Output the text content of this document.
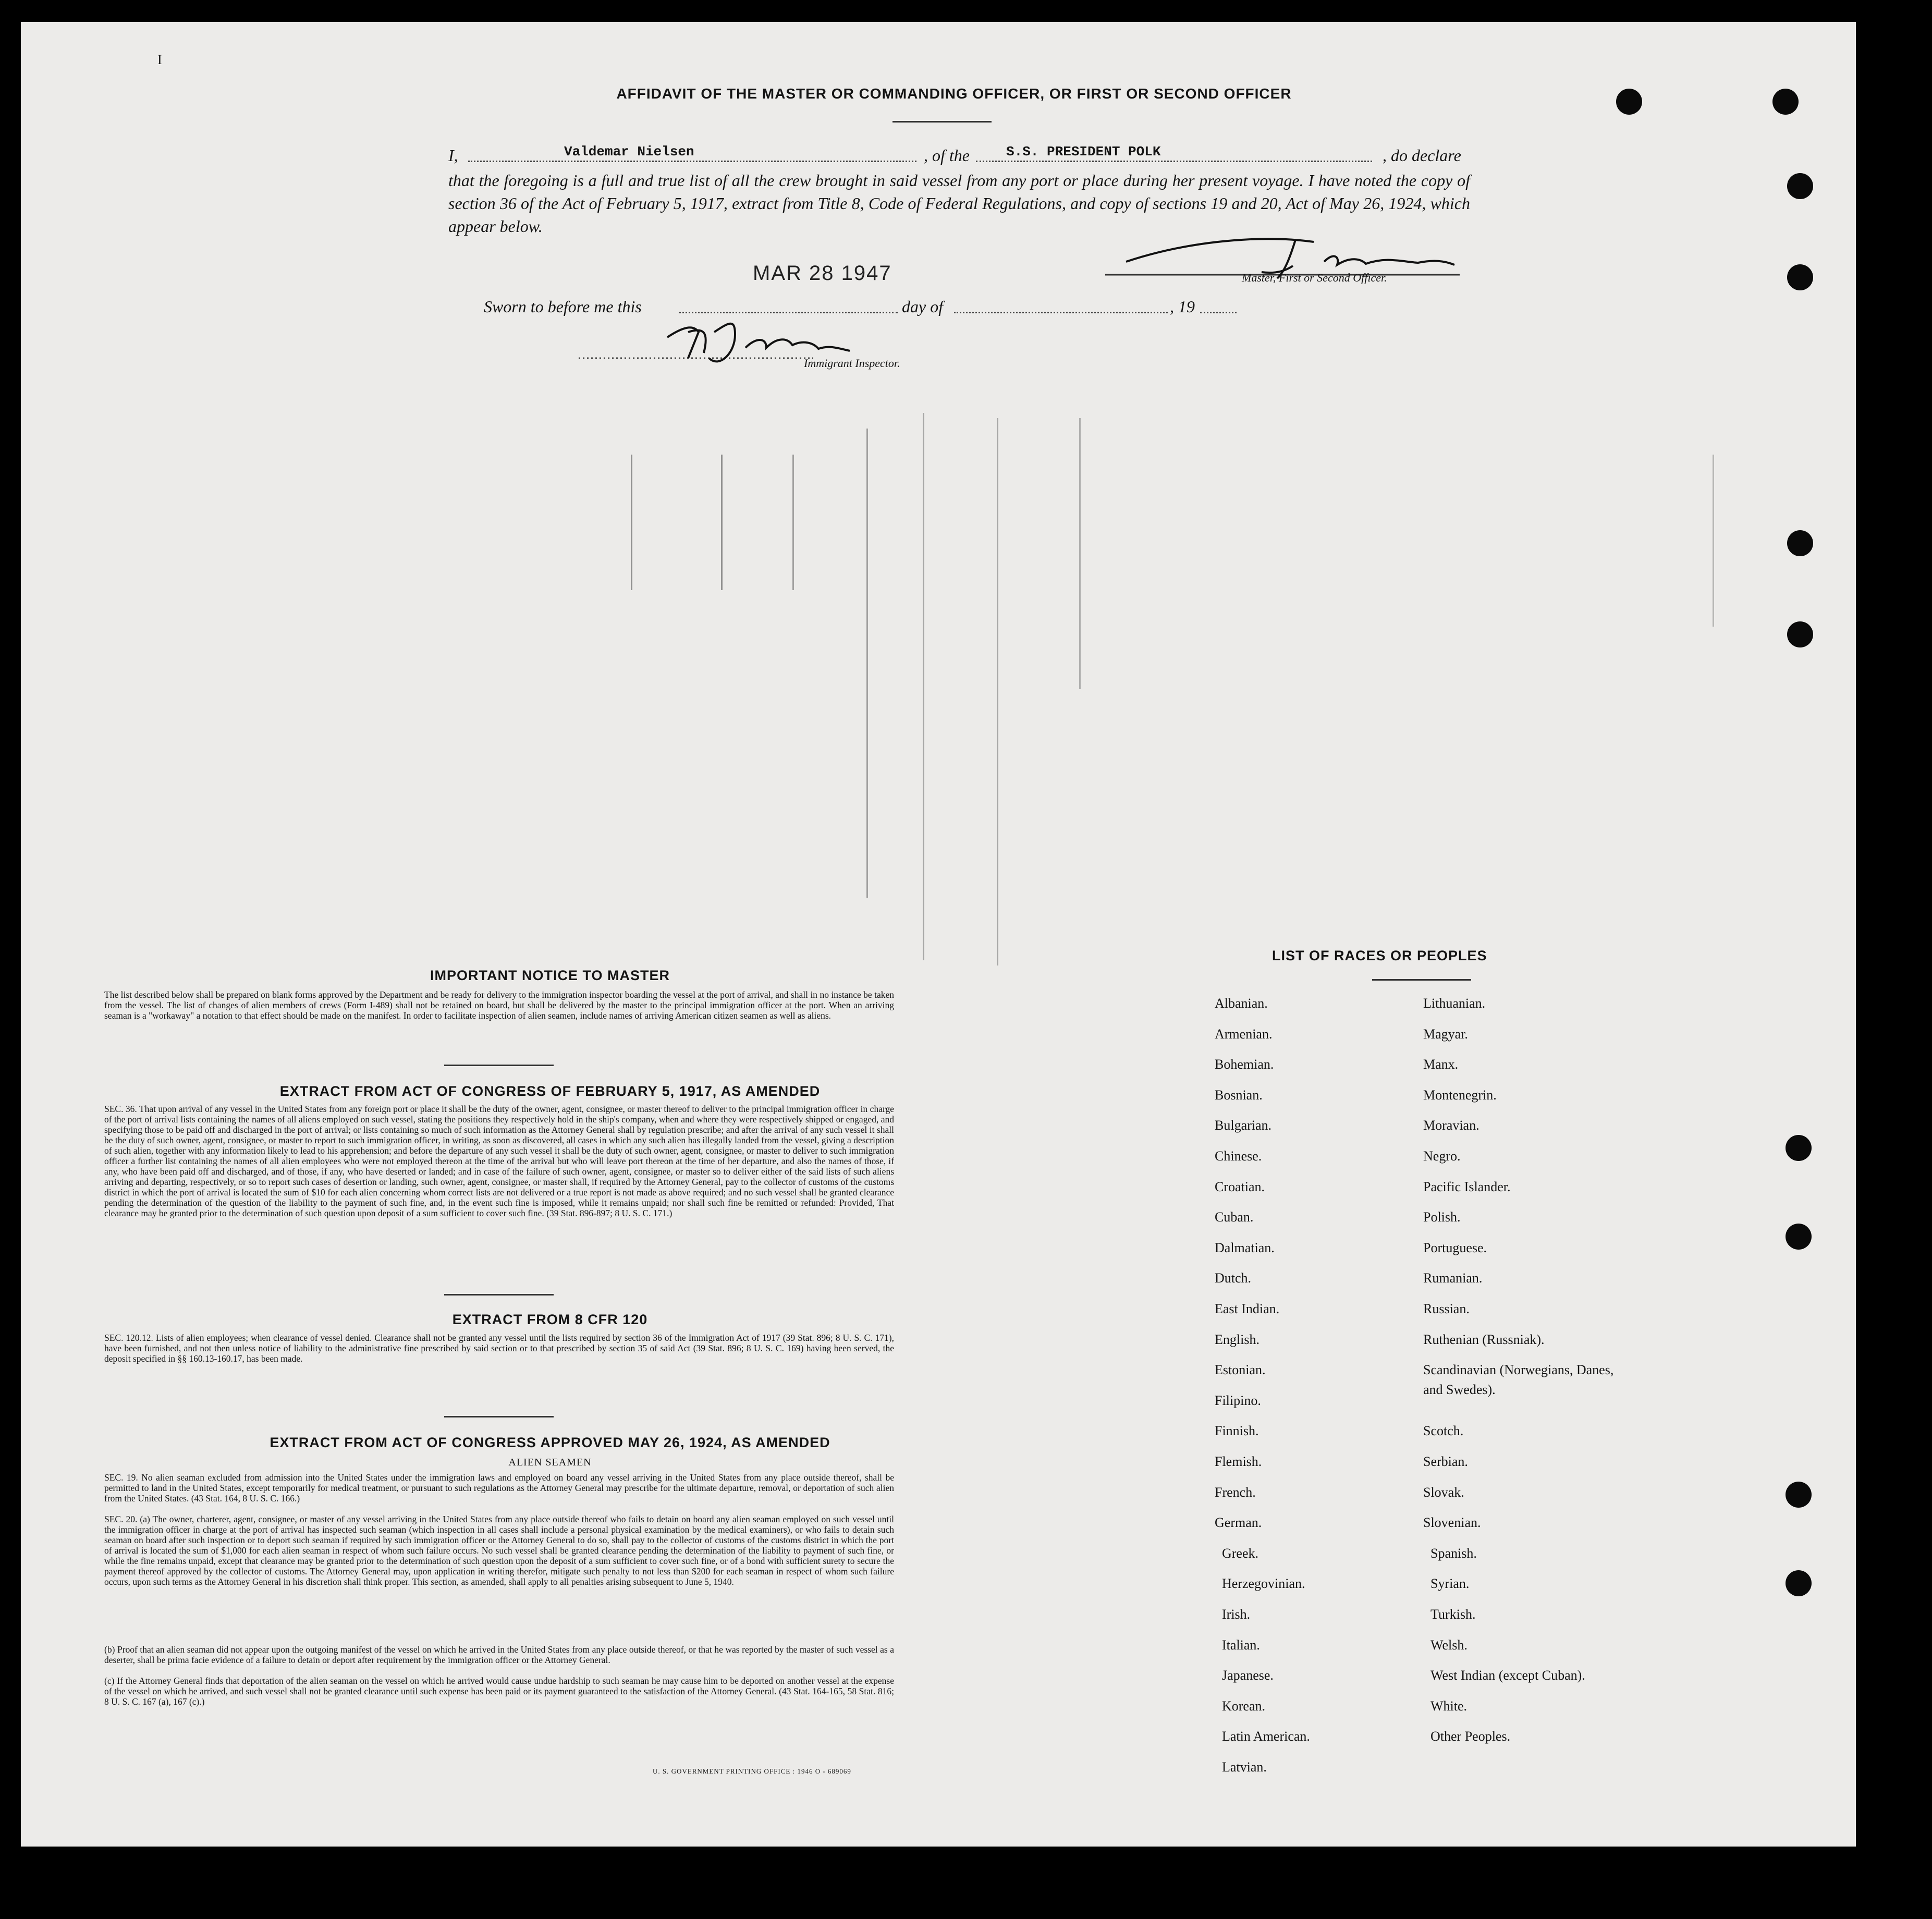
I
AFFIDAVIT OF THE MASTER OR COMMANDING OFFICER, OR FIRST OR SECOND OFFICER
I,	Valdemar Nielsen	, of the	S.S. PRESIDENT POLK	, do declare
that the foregoing is a full and true list of all the crew brought in said vessel from any port or place during her present voyage. I have noted the copy of section 36 of the Act of February 5, 1917, extract from Title 8, Code of Federal Regulations, and copy of sections 19 and 20, Act of May 26, 1924, which appear below.
MAR 28 1947	Master, First or Second Officer.
Sworn to before me this	day of	, 19
Immigrant Inspector.
IMPORTANT NOTICE TO MASTER
The list described below shall be prepared on blank forms approved by the Department and be ready for delivery to the immigration inspector boarding the vessel at the port of arrival, and shall in no instance be taken from the vessel. The list of changes of alien members of crews (Form I-489) shall not be retained on board, but shall be delivered by the master to the principal immigration officer at the port. When an arriving seaman is a "workaway" a notation to that effect should be made on the manifest. In order to facilitate inspection of alien seamen, include names of arriving American citizen seamen as well as aliens.
EXTRACT FROM ACT OF CONGRESS OF FEBRUARY 5, 1917, AS AMENDED
SEC. 36. That upon arrival of any vessel in the United States from any foreign port or place it shall be the duty of the owner, agent, consignee, or master thereof to deliver to the principal immigration officer in charge of the port of arrival lists containing the names of all aliens employed on such vessel, stating the positions they respectively hold in the ship's company, when and where they were respectively shipped or engaged, and specifying those to be paid off and discharged in the port of arrival; or lists containing so much of such information as the Attorney General shall by regulation prescribe; and after the arrival of any such vessel it shall be the duty of such owner, agent, consignee, or master to report to such immigration officer, in writing, as soon as discovered, all cases in which any such alien has illegally landed from the vessel, giving a description of such alien, together with any information likely to lead to his apprehension; and before the departure of any such vessel it shall be the duty of such owner, agent, consignee, or master to deliver to such immigration officer a further list containing the names of all alien employees who were not employed thereon at the time of the arrival but who will leave port thereon at the time of her departure, and also the names of those, if any, who have been paid off and discharged, and of those, if any, who have deserted or landed; and in case of the failure of such owner, agent, consignee, or master so to deliver either of the said lists of such aliens arriving and departing, respectively, or so to report such cases of desertion or landing, such owner, agent, consignee, or master shall, if required by the Attorney General, pay to the collector of customs of the customs district in which the port of arrival is located the sum of $10 for each alien concerning whom correct lists are not delivered or a true report is not made as above required; and no such vessel shall be granted clearance pending the determination of the question of the liability to the payment of such fine, and, in the event such fine is imposed, while it remains unpaid; nor shall such fine be remitted or refunded: Provided, That clearance may be granted prior to the determination of such question upon deposit of a sum sufficient to cover such fine. (39 Stat. 896-897; 8 U. S. C. 171.)
EXTRACT FROM 8 CFR 120
SEC. 120.12. Lists of alien employees; when clearance of vessel denied. Clearance shall not be granted any vessel until the lists required by section 36 of the Immigration Act of 1917 (39 Stat. 896; 8 U. S. C. 171), have been furnished, and not then unless notice of liability to the administrative fine prescribed by said section or to that prescribed by section 35 of said Act (39 Stat. 896; 8 U. S. C. 169) having been served, the deposit specified in §§ 160.13-160.17, has been made.
EXTRACT FROM ACT OF CONGRESS APPROVED MAY 26, 1924, AS AMENDED
ALIEN SEAMEN
SEC. 19. No alien seaman excluded from admission into the United States under the immigration laws and employed on board any vessel arriving in the United States from any place outside thereof, shall be permitted to land in the United States, except temporarily for medical treatment, or pursuant to such regulations as the Attorney General may prescribe for the ultimate departure, removal, or deportation of such alien from the United States. (43 Stat. 164, 8 U. S. C. 166.)
SEC. 20. (a) The owner, charterer, agent, consignee, or master of any vessel arriving in the United States from any place outside thereof who fails to detain on board any alien seaman employed on such vessel until the immigration officer in charge at the port of arrival has inspected such seaman (which inspection in all cases shall include a personal physical examination by the medical examiners), or who fails to detain such seaman on board after such inspection or to deport such seaman if required by such immigration officer or the Attorney General to do so, shall pay to the collector of customs of the customs district in which the port of arrival is located the sum of $1,000 for each alien seaman in respect of whom such failure occurs. No such vessel shall be granted clearance pending the determination of the liability to payment of such fine, or while the fine remains unpaid, except that clearance may be granted prior to the determination of such question upon the deposit of a sum sufficient to cover such fine, or of a bond with sufficient surety to secure the payment thereof approved by the collector of customs. The Attorney General may, upon application in writing therefor, mitigate such penalty to not less than $200 for each seaman in respect of whom such failure occurs, upon such terms as the Attorney General in his discretion shall think proper. This section, as amended, shall apply to all penalties arising subsequent to June 5, 1940.
(b) Proof that an alien seaman did not appear upon the outgoing manifest of the vessel on which he arrived in the United States from any place outside thereof, or that he was reported by the master of such vessel as a deserter, shall be prima facie evidence of a failure to detain or deport after requirement by the immigration officer or the Attorney General.
(c) If the Attorney General finds that deportation of the alien seaman on the vessel on which he arrived would cause undue hardship to such seaman he may cause him to be deported on another vessel at the expense of the vessel on which he arrived, and such vessel shall not be granted clearance until such expense has been paid or its payment guaranteed to the satisfaction of the Attorney General. (43 Stat. 164-165, 58 Stat. 816; 8 U. S. C. 167 (a), 167 (c).)
U. S. GOVERNMENT PRINTING OFFICE : 1946 O - 689069
LIST OF RACES OR PEOPLES
Albanian.
Armenian.
Bohemian.
Bosnian.
Bulgarian.
Chinese.
Croatian.
Cuban.
Dalmatian.
Dutch.
East Indian.
English.
Estonian.
Filipino.
Finnish.
Flemish.
French.
German.
Greek.
Herzegovinian.
Irish.
Italian.
Japanese.
Korean.
Latin American.
Latvian.
Lithuanian.
Magyar.
Manx.
Montenegrin.
Moravian.
Negro.
Pacific Islander.
Polish.
Portuguese.
Rumanian.
Russian.
Ruthenian (Russniak).
Scandinavian (Norwegians, Danes, and Swedes).
Scotch.
Serbian.
Slovak.
Slovenian.
Spanish.
Syrian.
Turkish.
Welsh.
West Indian (except Cuban).
White.
Other Peoples.
